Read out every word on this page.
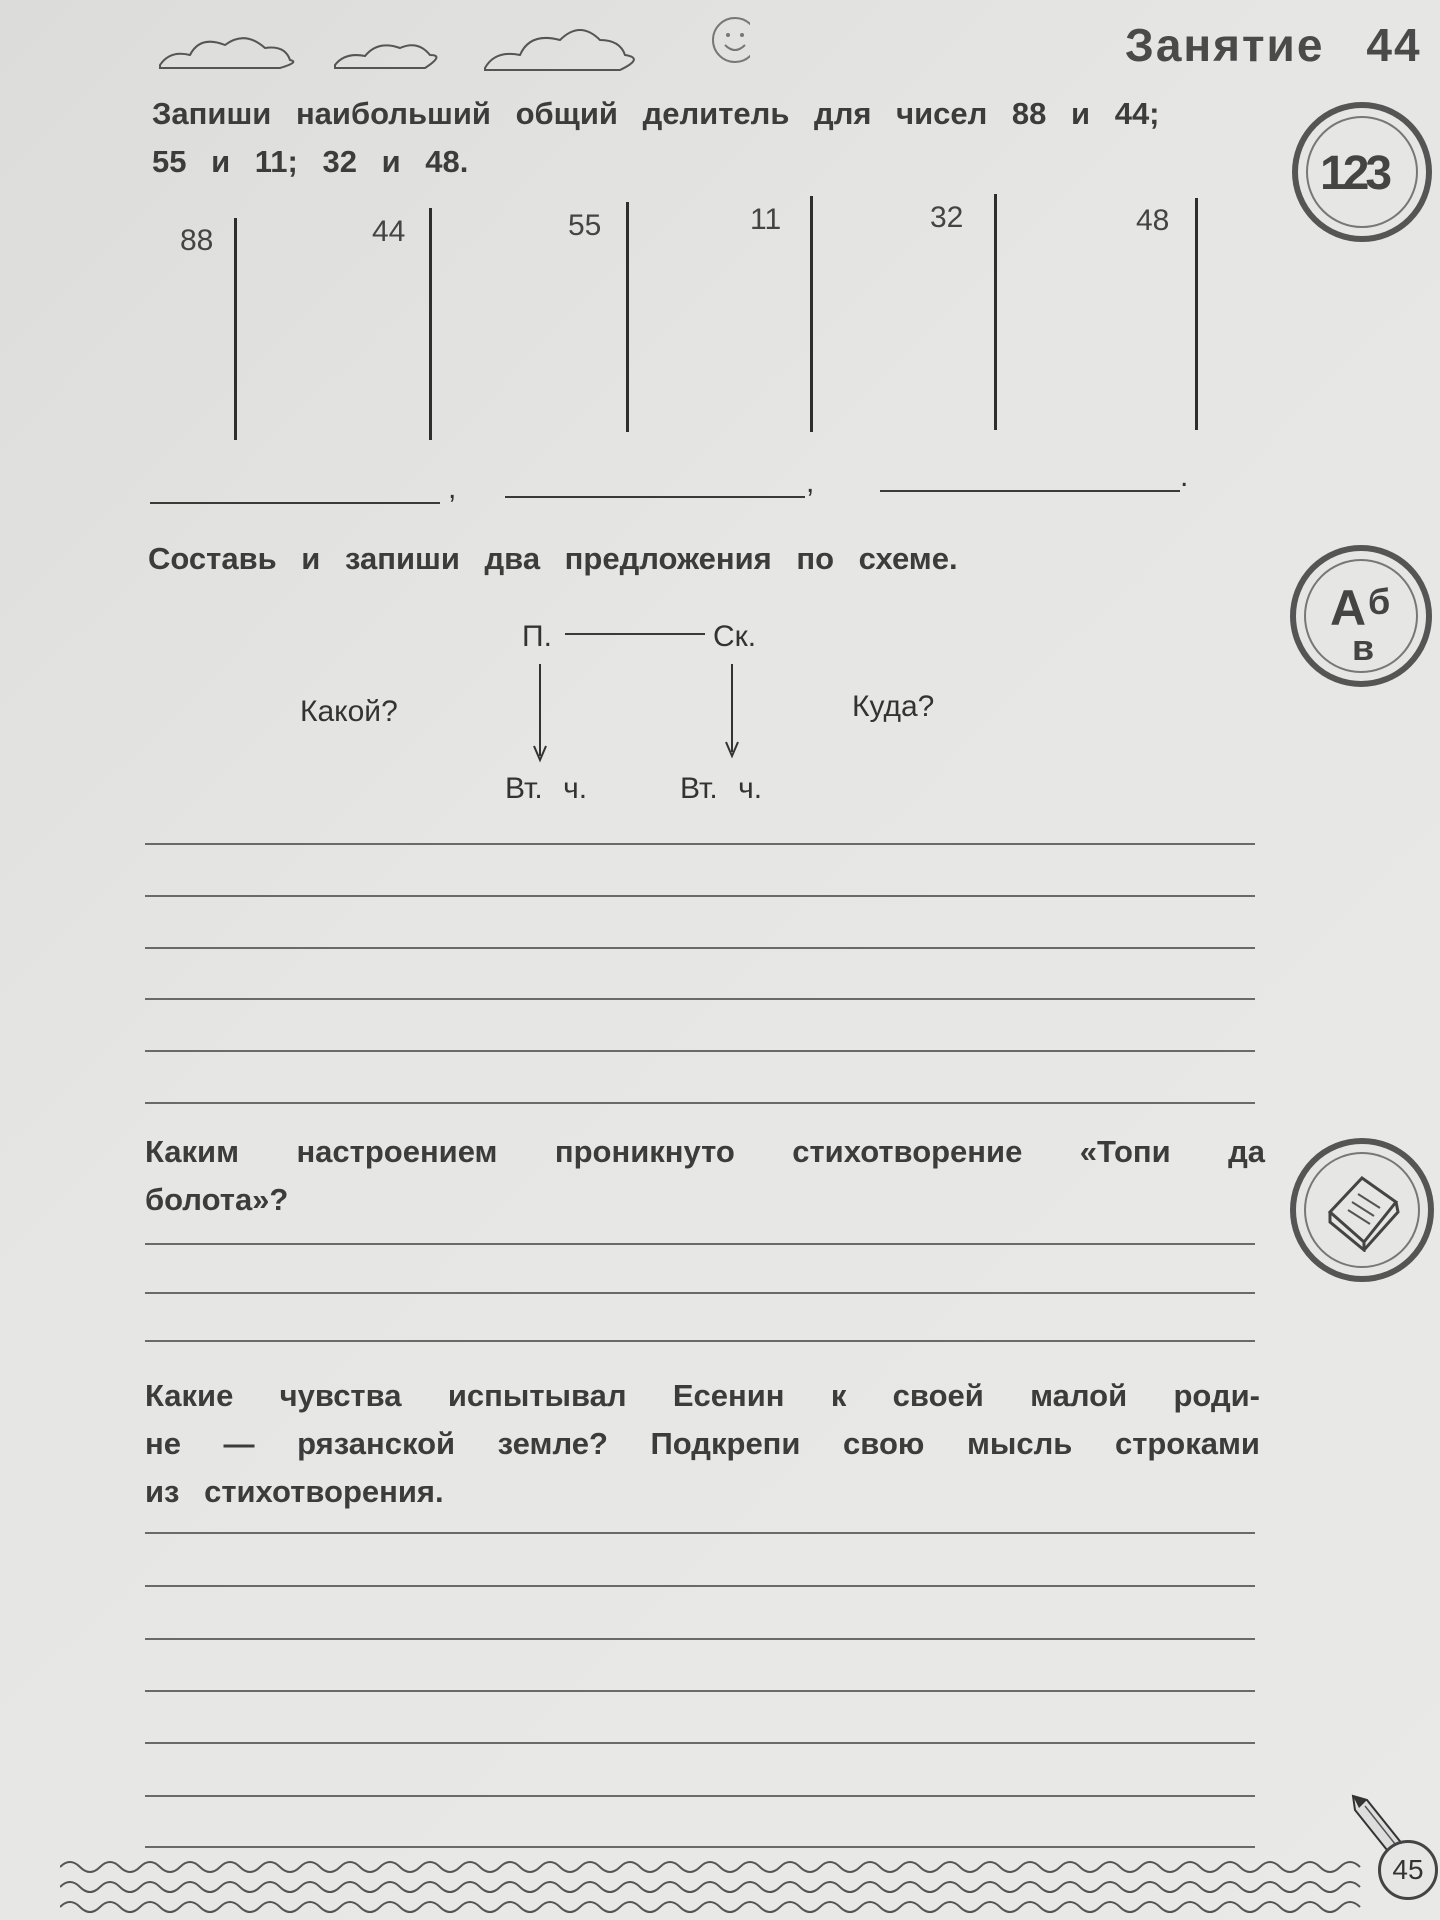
Занятие 44
Запиши наибольший общий делитель для чисел 88 и 44;
55 и 11; 32 и 48.	123
88	44
,
55	11
,
32	48
.
Составь и запиши два предложения по схеме.
А б
в
П.	Ск.
Какой?	Куда?
Вт. ч.	Вт. ч.
Каким настроением проникнуто стихотворение «Топи да
болота»?
Какие чувства испытывал Есенин к своей малой роди-
не — рязанской земле? Подкрепи свою мысль строками
из стихотворения.
45
